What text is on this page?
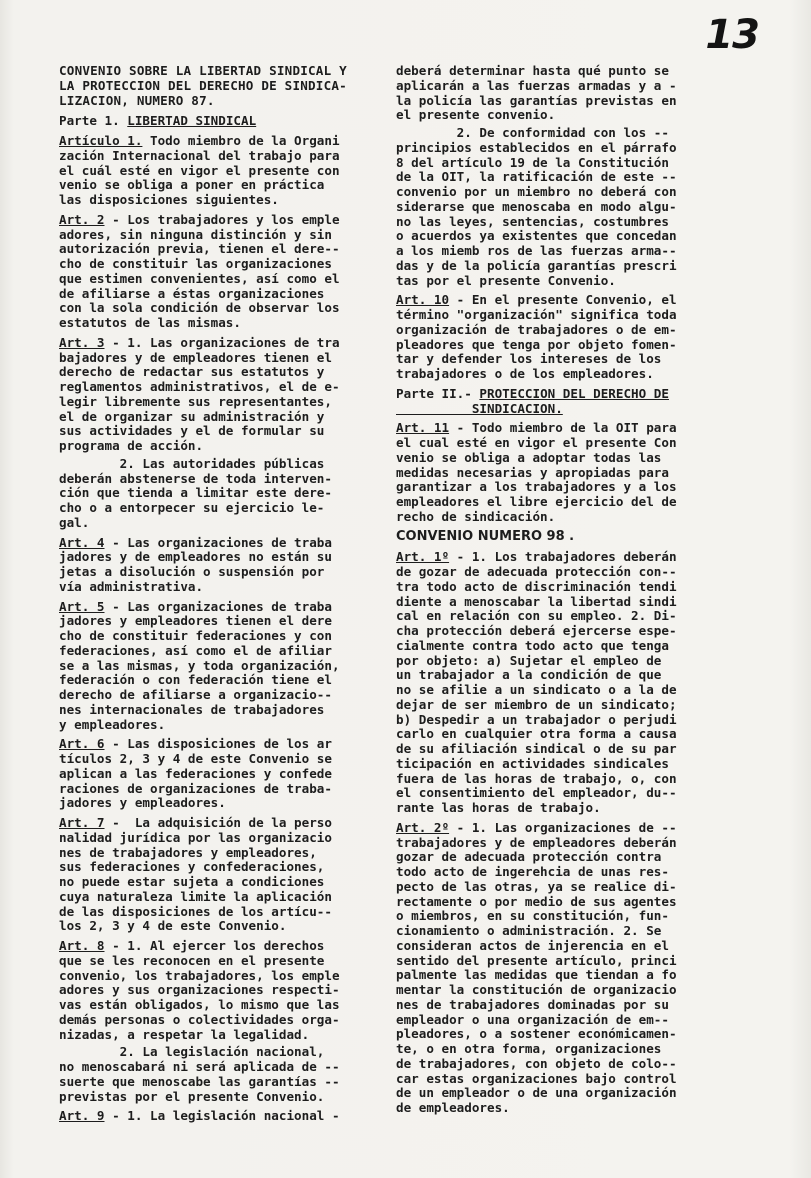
13

CONVENIO SOBRE LA LIBERTAD SINDICAL Y
LA PROTECCION DEL DERECHO DE SINDICA-
LIZACION, NUMERO 87.

Parte 1. LIBERTAD SINDICAL

Artículo 1. Todo miembro de la Organi
zación Internacional del trabajo para
el cuál esté en vigor el presente con
venio se obliga a poner en práctica
las disposiciones siguientes.

Art. 2 - Los trabajadores y los emple
adores, sin ninguna distinción y sin
autorización previa, tienen el dere--
cho de constituir las organizaciones
que estimen convenientes, así como el
de afiliarse a éstas organizaciones
con la sola condición de observar los
estatutos de las mismas.

Art. 3 - 1. Las organizaciones de tra
bajadores y de empleadores tienen el
derecho de redactar sus estatutos y
reglamentos administrativos, el de e-
legir libremente sus representantes,
el de organizar su administración y
sus actividades y el de formular su
programa de acción.

2. Las autoridades públicas
deberán abstenerse de toda interven-
ción que tienda a limitar este dere-
cho o a entorpecer su ejercicio le-
gal.

Art. 4 - Las organizaciones de traba
jadores y de empleadores no están su
jetas a disolución o suspensión por
vía administrativa.

Art. 5 - Las organizaciones de traba
jadores y empleadores tienen el dere
cho de constituir federaciones y con
federaciones, así como el de afiliar
se a las mismas, y toda organización,
federación o con federación tiene el
derecho de afiliarse a organizacio--
nes internacionales de trabajadores
y empleadores.

Art. 6 - Las disposiciones de los ar
tículos 2, 3 y 4 de este Convenio se
aplican a las federaciones y confede
raciones de organizaciones de traba-
jadores y empleadores.

Art. 7 -  La adquisición de la perso
nalidad jurídica por las organizacio
nes de trabajadores y empleadores,
sus federaciones y confederaciones,
no puede estar sujeta a condiciones
cuya naturaleza limite la aplicación
de las disposiciones de los artícu--
los 2, 3 y 4 de este Convenio.

Art. 8 - 1. Al ejercer los derechos
que se les reconocen en el presente
convenio, los trabajadores, los emple
adores y sus organizaciones respecti-
vas están obligados, lo mismo que las
demás personas o colectividades orga-
nizadas, a respetar la legalidad.

2. La legislación nacional,
no menoscabará ni será aplicada de --
suerte que menoscabe las garantías --
previstas por el presente Convenio.

Art. 9 - 1. La legislación nacional -

deberá determinar hasta qué punto se
aplicarán a las fuerzas armadas y a -
la policía las garantías previstas en
el presente convenio.

2. De conformidad con los --
principios establecidos en el párrafo
8 del artículo 19 de la Constitución
de la OIT, la ratificación de este --
convenio por un miembro no deberá con
siderarse que menoscaba en modo algu-
no las leyes, sentencias, costumbres
o acuerdos ya existentes que concedan
a los miemb ros de las fuerzas arma--
das y de la policía garantías prescri
tas por el presente Convenio.

Art. 10 - En el presente Convenio, el
término "organización" significa toda
organización de trabajadores o de em-
pleadores que tenga por objeto fomen-
tar y defender los intereses de los
trabajadores o de los empleadores.

Parte II.- PROTECCION DEL DERECHO DE
SINDICACION.

Art. 11 - Todo miembro de la OIT para
el cual esté en vigor el presente Con
venio se obliga a adoptar todas las
medidas necesarias y apropiadas para
garantizar a los trabajadores y a los
empleadores el libre ejercicio del de
recho de sindicación.

CONVENIO NUMERO 98 .

Art. 1º - 1. Los trabajadores deberán
de gozar de adecuada protección con--
tra todo acto de discriminación tendi
diente a menoscabar la libertad sindi
cal en relación con su empleo. 2. Di-
cha protección deberá ejercerse espe-
cialmente contra todo acto que tenga
por objeto: a) Sujetar el empleo de
un trabajador a la condición de que
no se afilie a un sindicato o a la de
dejar de ser miembro de un sindicato;
b) Despedir a un trabajador o perjudi
carlo en cualquier otra forma a causa
de su afiliación sindical o de su par
ticipación en actividades sindicales
fuera de las horas de trabajo, o, con
el consentimiento del empleador, du--
rante las horas de trabajo.

Art. 2º - 1. Las organizaciones de --
trabajadores y de empleadores deberán
gozar de adecuada protección contra
todo acto de ingerehcia de unas res-
pecto de las otras, ya se realice di-
rectamente o por medio de sus agentes
o miembros, en su constitución, fun-
cionamiento o administración. 2. Se
consideran actos de injerencia en el
sentido del presente artículo, princi
palmente las medidas que tiendan a fo
mentar la constitución de organizacio
nes de trabajadores dominadas por su
empleador o una organización de em--
pleadores, o a sostener económicamen-
te, o en otra forma, organizaciones
de trabajadores, con objeto de colo--
car estas organizaciones bajo control
de un empleador o de una organización
de empleadores.
